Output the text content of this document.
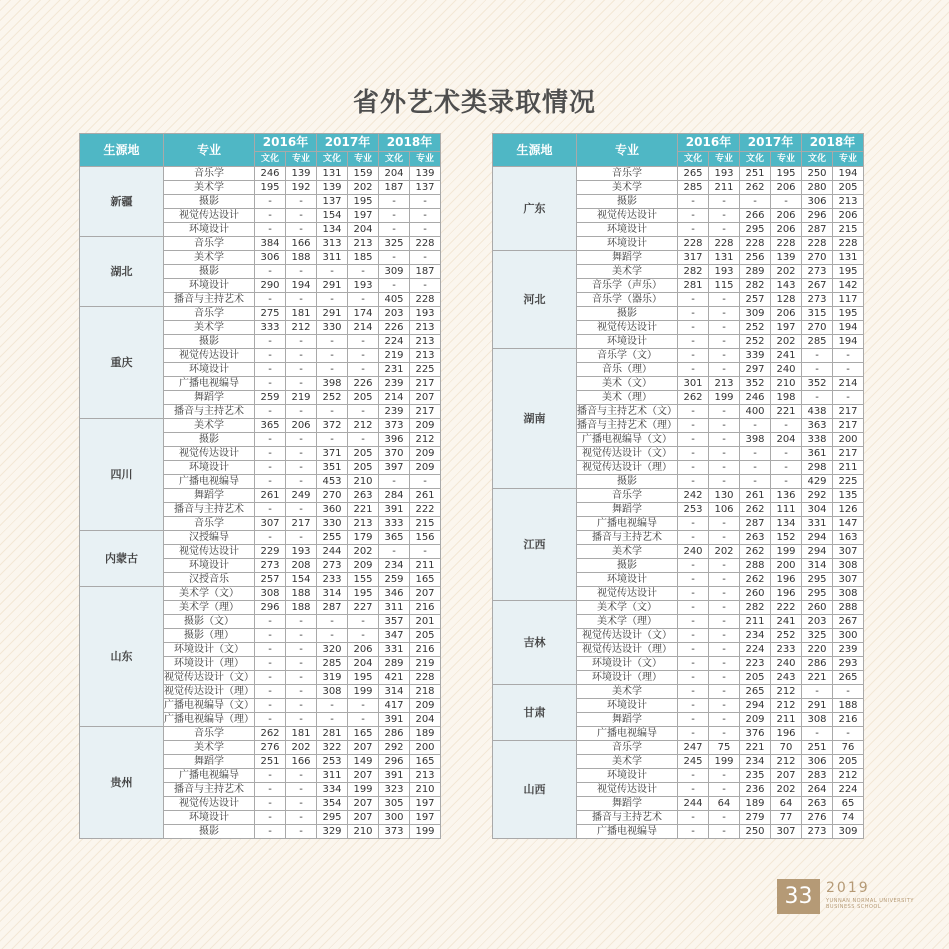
省外艺术类录取情况
生源地	专业	2016年		2017年		2018年	
		文化	专业	文化	专业	文化	专业
新疆	音乐学	246	139	131	159	204	139
	美术学	195	192	139	202	187	137
	摄影	-	-	137	195	-	-
	视觉传达设计	-	-	154	197	-	-
	环境设计	-	-	134	204	-	-
湖北	音乐学	384	166	313	213	325	228
	美术学	306	188	311	185	-	-
	摄影	-	-	-	-	309	187
	环境设计	290	194	291	193	-	-
	播音与主持艺术	-	-	-	-	405	228
重庆	音乐学	275	181	291	174	203	193
	美术学	333	212	330	214	226	213
	摄影	-	-	-	-	224	213
	视觉传达设计	-	-	-	-	219	213
	环境设计	-	-	-	-	231	225
	广播电视编导	-	-	398	226	239	217
	舞蹈学	259	219	252	205	214	207
	播音与主持艺术	-	-	-	-	239	217
四川	美术学	365	206	372	212	373	209
	摄影	-	-	-	-	396	212
	视觉传达设计	-	-	371	205	370	209
	环境设计	-	-	351	205	397	209
	广播电视编导	-	-	453	210	-	-
	舞蹈学	261	249	270	263	284	261
	播音与主持艺术	-	-	360	221	391	222
	音乐学	307	217	330	213	333	215
内蒙古	汉授编导	-	-	255	179	365	156
	视觉传达设计	229	193	244	202	-	-
	环境设计	273	208	273	209	234	211
	汉授音乐	257	154	233	155	259	165
山东	美术学（文）	308	188	314	195	346	207
	美术学（理）	296	188	287	227	311	216
	摄影（文）	-	-	-	-	357	201
	摄影（理）	-	-	-	-	347	205
	环境设计（文）	-	-	320	206	331	216
	环境设计（理）	-	-	285	204	289	219
	视觉传达设计（文）	-	-	319	195	421	228
	视觉传达设计（理）	-	-	308	199	314	218
	广播电视编导（文）	-	-	-	-	417	209
	广播电视编导（理）	-	-	-	-	391	204
贵州	音乐学	262	181	281	165	286	189
	美术学	276	202	322	207	292	200
	舞蹈学	251	166	253	149	296	165
	广播电视编导	-	-	311	207	391	213
	播音与主持艺术	-	-	334	199	323	210
	视觉传达设计	-	-	354	207	305	197
	环境设计	-	-	295	207	300	197
	摄影	-	-	329	210	373	199
生源地	专业	2016年		2017年		2018年	
		文化	专业	文化	专业	文化	专业
广东	音乐学	265	193	251	195	250	194
	美术学	285	211	262	206	280	205
	摄影	-	-	-	-	306	213
	视觉传达设计	-	-	266	206	296	206
	环境设计	-	-	295	206	287	215
	环境设计	228	228	228	228	228	228
河北	舞蹈学	317	131	256	139	270	131
	美术学	282	193	289	202	273	195
	音乐学（声乐）	281	115	282	143	267	142
	音乐学（器乐）	-	-	257	128	273	117
	摄影	-	-	309	206	315	195
	视觉传达设计	-	-	252	197	270	194
	环境设计	-	-	252	202	285	194
湖南	音乐学（文）	-	-	339	241	-	-
	音乐（理）	-	-	297	240	-	-
	美术（文）	301	213	352	210	352	214
	美术（理）	262	199	246	198	-	-
	播音与主持艺术（文）	-	-	400	221	438	217
	播音与主持艺术（理）	-	-	-	-	363	217
	广播电视编导（文）	-	-	398	204	338	200
	视觉传达设计（文）	-	-	-	-	361	217
	视觉传达设计（理）	-	-	-	-	298	211
	摄影	-	-	-	-	429	225
江西	音乐学	242	130	261	136	292	135
	舞蹈学	253	106	262	111	304	126
	广播电视编导	-	-	287	134	331	147
	播音与主持艺术	-	-	263	152	294	163
	美术学	240	202	262	199	294	307
	摄影	-	-	288	200	314	308
	环境设计	-	-	262	196	295	307
	视觉传达设计	-	-	260	196	295	308
吉林	美术学（文）	-	-	282	222	260	288
	美术学（理）	-	-	211	241	203	267
	视觉传达设计（文）	-	-	234	252	325	300
	视觉传达设计（理）	-	-	224	233	220	239
	环境设计（文）	-	-	223	240	286	293
	环境设计（理）	-	-	205	243	221	265
甘肃	美术学	-	-	265	212	-	-
	环境设计	-	-	294	212	291	188
	舞蹈学	-	-	209	211	308	216
	广播电视编导	-	-	376	196	-	-
山西	音乐学	247	75	221	70	251	76
	美术学	245	199	234	212	306	205
	环境设计	-	-	235	207	283	212
	视觉传达设计	-	-	236	202	264	224
	舞蹈学	244	64	189	64	263	65
	播音与主持艺术	-	-	279	77	276	74
	广播电视编导	-	-	250	307	273	309
33 2019
YUNNAN NORMAL UNIVERSITY
BUSINESS SCHOOL
